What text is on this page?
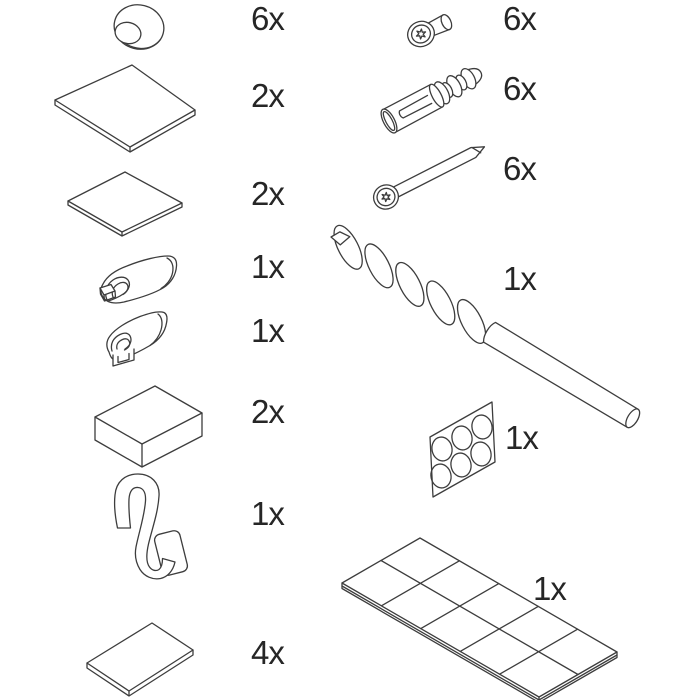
6x
2x
2x
1x
1x
2x
1x
4x
6x
6x
6x
1x
1x
1x
